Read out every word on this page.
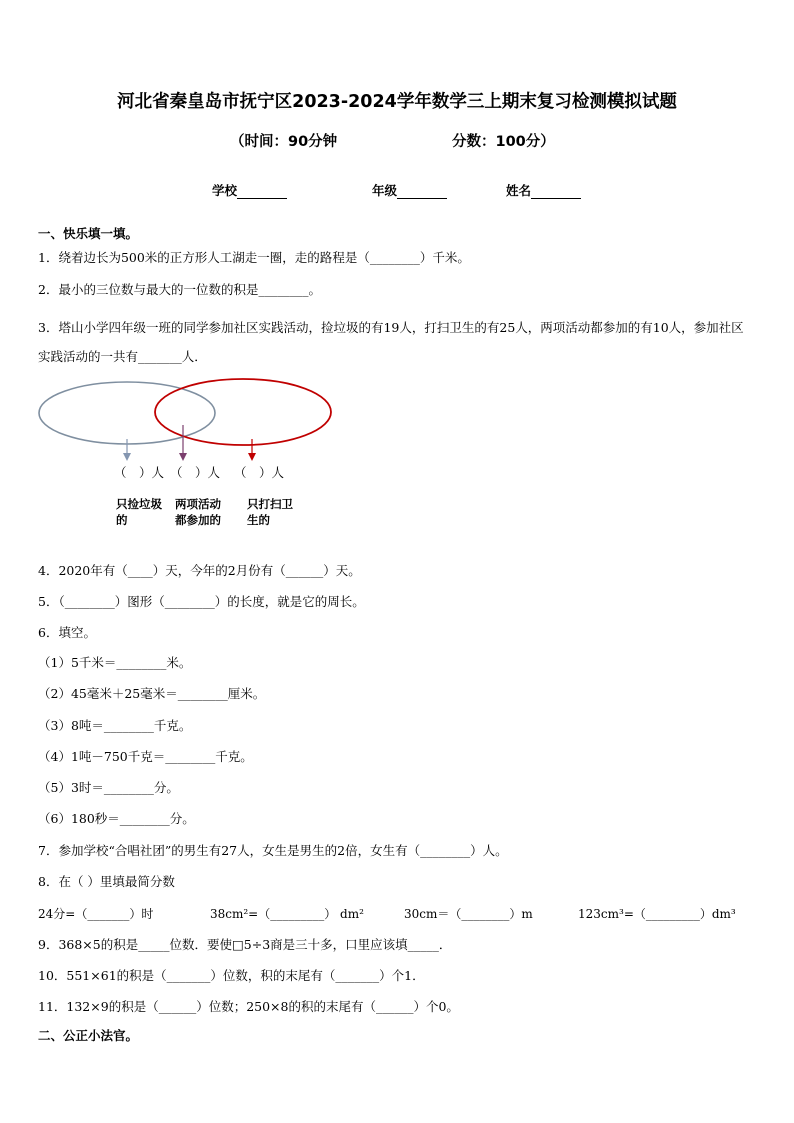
河北省秦皇岛市抚宁区2023-2024学年数学三上期末复习检测模拟试题
（时间：90分钟	分数：100分）
学校	年级	姓名
一、快乐填一填。
1．绕着边长为500米的正方形人工湖走一圈，走的路程是（________）千米。
2．最小的三位数与最大的一位数的积是________。
3．塔山小学四年级一班的同学参加社区实践活动，捡垃圾的有19人，打扫卫生的有25人，两项活动都参加的有10人，参加社区实践活动的一共有_______人．
（　）人 （　）人 （　）人
只捡垃圾的
两项活动都参加的
只打扫卫生的
4．2020年有（____）天，今年的2月份有（______）天。
5．（________）图形（________）的长度，就是它的周长。
6．填空。
（1）5千米＝________米。
（2）45毫米＋25毫米＝________厘米。
（3）8吨＝________千克。
（4）1吨－750千克＝________千克。
（5）3时＝________分。
（6）180秒＝________分。
7．参加学校“合唱社团”的男生有27人，女生是男生的2倍，女生有（________）人。
8．在（ ）里填最简分数
24分=（_______）时	38cm²=（_________） dm²	30cm＝（________）m	123cm³=（_________）dm³
9．368×5的积是_____位数．要使□5÷3商是三十多，口里应该填_____．
10．551×61的积是（_______）位数，积的末尾有（_______）个1．
11．132×9的积是（______）位数；250×8的积的末尾有（______）个0。
二、公正小法官。
